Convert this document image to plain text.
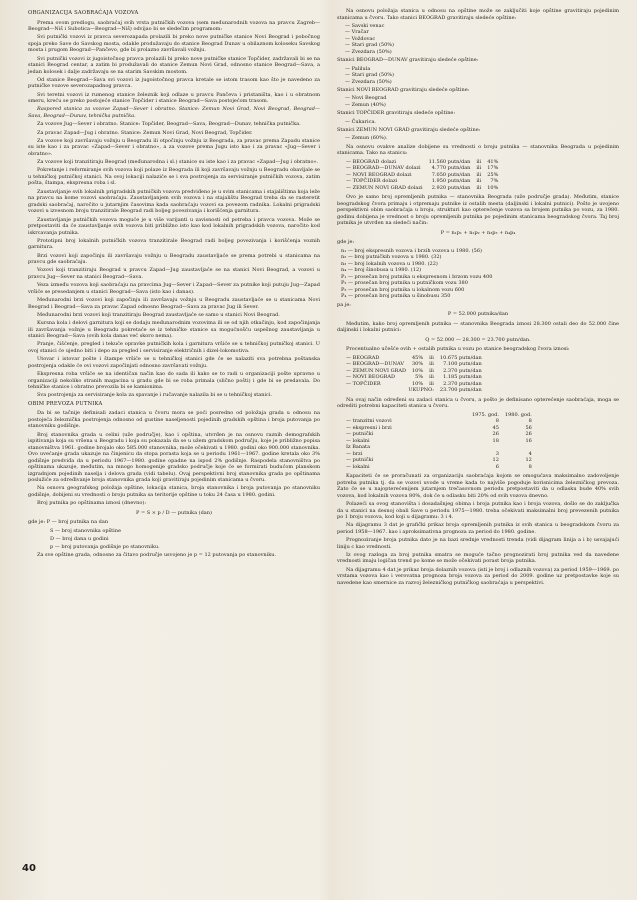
ORGANIZACIJA SAOBRAĆAJA VOZOVA

Prema ovom predlogu, saobraćaj svih vrsta putničkih vozova (sem međunarodnih vozova na pravcu Zagreb—Beograd—Niš i Subotica—Beograd—Niš) odvijao bi se sledećim programom:

Svi putnički vozovi iz pravca severozapada prolazili bi preko nove putničke stanice Novi Beograd i pobočnog spoja preko Save do Savskog mosta, odakle produžavaju do stanice Beograd Dunav u obilaznom koloseku Savskog mosta i prugom Beograd—Pančevo, gde bi prolazno završavali vožnju.

Svi putnički vozovi iz jugoistočnog pravca prolazili bi preko nove putničke stanice Topčider, zadržavali bi se na stanici Beograd centar, a zatim bi produžavali do stanice Zemun Novi Grad, odnosno stanice Beograd—Sava, a jedan kolosek i dalje zadržavaju se na starim Savskim mostom.

Od stanice Beograd—Sava svi vozovi iz jugoistočnog pravca kretale se istom trasom kao što je navedeno za putničke vozove severozapadnog pravca.

Svi teretni vozovi iz rumenog stanice železnik koji odlaze u pravcu Pančeva i pristaništa, kao i u obratnom smeru, kreću se preko postojeće stanice Topčider i stanice Beograd—Sava postojećom trasom.

Raspored stanica za vozove Zapad—Sever i obratno. Stanice: Zemun Novi Grad, Novi Beograd, Beograd—Sava, Beograd—Dunav, tehnička putnička.

Za vozove Jug—Sever i obratno. Stanice: Topčider, Beograd—Sava, Beograd—Dunav, tehnička putnička.

Za pravac Zapad—Jug i obratno. Stanice: Zemun Novi Grad, Novi Beograd, Topčider.

Za vozove koji završavaju vožnju u Beogradu ili otpočinju vožnju iz Beograda, za pravac prema Zapadu stanice su iste kao i za pravac «Zapad—Sever i obratno», a za vozove prema Jugu isto kao i za pravac «Jug—Sever i obratno».

Za vozove koji tranzitiraju Beograd (međunarodna i sl.) stanice su iste kao i za pravac «Zapad—Jug i obratno».

Pokretanje i reformiranje svih vozova koji polaze iz Beograda ili koji završavaju vožnju u Beogradu obavljale se u tehničkoj putničkoj stanici. Na ovoj lokaciji nalaziće se i sva postrojenja za servisiranje putničkih vozova, zatim pošta, štampa, ekspresna roba i sl.

Zaustavljanje svih lokalnih prigradskih putničkih vozova predviđeno je u svim stanicama i stajalištima koja leže na pravcu na kome vozovi saobraćaju. Zaustavljanjem svih vozova i na stajalištu Beograd treba da se rasteretit gradski saobraćaj, naročito u jutarnjim časovima kada saobraćaju vozovi sa povezom radnika. Lokalni prigradski vozovi u izvesnom broju tranzitirale Beograd radi boljeg povezivanja i korišćenja garnitura.

Zaustavljanje putničkih vozova moguće je u više varijanti u zavisnosti od potreba i pravca vozova. Može se pretpostaviti da će zaustavljanje svih vozova biti približno isto kao kod lokalnih prigradskih vozova, naročito kod iskrcavanja putnika.

Prototipni broj lokalnih putničkih vozova tranzitirale Beograd radi boljeg povezivanja i korišćenja voznih garnitura.

Brzi vozovi koji započinju ili završavaju vožnju u Beogradu zaustavljaće se prema potrebi u stanicama na pravcu gde saobraćaju.

Vozovi koji tranzitiraju Beograd u pravcu Zapad—Jug zaustavljaće se na stanici Novi Beograd, a vozovi u pravcu Jug—Sever na stanici Beograd—Sava.

Veza između vozova koji saobraćaju na pravcima Jug—Sever i Zapad—Sever za putnike koji putuju Jug—Zapad vršiće se presedanjem u stanici Beograd—Sava (isto kao i danas).

Međunarodni brzi vozovi koji započinju ili završavaju vožnju u Beogradu zaustavljaće se u stanicama Novi Beograd i Beograd—Sava za pravac Zapad odnosno Beograd—Sava za pravac Jug ili Sever.

Međunarodni brzi vozovi koji tranzitiraju Beograd zaustavljaće se samo u stanici Novi Beograd.

Kursna kola i delovi garnitura koji se dodaju međunarodnim vozovima ili se od njih otkačinju, kod započinjanja ili završavanja vožnje u Beogradu pokretaće se iz tehničke stanice sa mogućnošću uspešnog zaustavljanja u stanici Beograd—Sava (ovih kola danas već skoro nema).

Pranje, čišćenje, pregled i tekuće opravke putničkih kola i garnitura vršiće se u tehničkoj putničkoj stanici. U ovoj stanici će ujedno biti i depo za pregled i servisiranje električnih i dizel-lokomotiva.

Utovar i istovar pošte i štampe vršiće se u tehničkoj stanici gde će se nalaziti sva potrebna poštanska postrojenja odakle će ovi vozovi započinjati odnosno završavati vožnju.

Ekspresna roba vršiće se na identičan način kao do sada ili kako se to radi u organizaciji pošte upravno u organizaciji nekoliko stranih magacina u gradu gde bi se roba primala (slično pošti) i gde bi se predavala. Do tehničke stanice i obratno prevozila bi se kamionima.

Sva postrojenja za servisiranje kola za spavanje i ručavanje nalazila bi se u tehničkoj stanici.

OBIM PREVOZA PUTNIKA

Da bi se tačnije definisali zadaci stanica u čvoru mora se poći posredno od položaja grada u odnosu na postojeća železnička postrojenja odnosno od gustine naseljenosti pojedinih gradskih opština i broja putovanja po stanovniku godišnje.

Broj stanovnika grada u celini (uže područje), kao i opština, utvrđen je na osnovu raznih demografskih ispitivanja koja su vršena u Beogradu i koja su pokazala da se u užem gradskom području, koje je približno popisa stanovništva 1961. godine brojalo oko 585.000 stanovnika, može očekivati u 1980. godini oko 900.000 stanovnika. Ovo uvećanje grada ukazuje na činjenicu da stopa porasta koja se u periodu 1961—1967. godine kretala oko 3% godišnje predviđa da u periodu 1967—1980. godine opadne na ispod 2% godišnje. Raspodela stanovništva po opštinama ukazuje, međutim, na mnogo homogenije gradsko područje koje će se formirati budućom planskom izgradnjom pojedinih naselja i delova grada (vidi tabelu). Ovaj perspektivni broj stanovnika grada po opštinama poslužiće za određivanje broja stanovnika grada koji gravitiraju pojedinim stanicama u čvoru.

Na osnovu geografskog položaja opštine, lokacija stanica, broja stanovnika i broja putovanja po stanovniku godišnje, dobijeni su vrednosti o broju putnika sa teritorije opštine u toku 24 časa u 1980. godini.

Broj putnika po opštinama iznosi (dnevno):

P = S × p / D — putnika (dan)

gde je: P — broj putnika na dan

S — broj stanovnika opštine

D — broj dana u godini

p — broj putovanja godišnje po stanovniku.

Za sve opštine grada, odnosno za čitavo područje usvojeno je p = 12 putovanja po stanovniku.

Na osnovu položaja stanica u odnosu na opštine može se zaključiti koje opštine gravitiraju pojedinim stanicama u čvoru. Tako stanici BEOGRAD gravitiraju sledeće opštine:

— Savski venac
— Vračar
— Voždovac
— Stari grad (50%)
— Zvezdara (50%)

Stanici BEOGRAD—DUNAV gravitiraju sledeće opštine:

— Palilula
— Stari grad (50%)
— Zvezdara (50%)

Stanici NOVI BEOGRAD gravitiraju sledeće opštine:

— Novi Beograd
— Zemun (40%)

Stanici TOPČIDER gravitiraju sledeće opštine:

— Čukarica.

Stanici ZEMUN NOVI GRAD gravitiraju sledeće opštine:

— Zemun (60%).

Na osnovu ovakve analize dobijene su vrednosti o broju putnika — stanovnika Beograda u pojedinim stanicama. Tako na stanicu:

— BEOGRAD dolazi	11.560 putn/dan	ili	41%
— BEOGRAD—DUNAV dolazi	4.770 putn/dan	ili	17%
— NOVI BEOGRAD dolazi	7.050 putn/dan	ili	25%
— TOPČIDER dolazi	1.950 putn/dan	ili	7%
— ZEMUN NOVI GRAD dolazi	2.920 putn/dan	ili	10%

Ovo je samo broj opremljenih putnika — stanovnika Beograda (uže područje grada). Međutim, stanice beogradskog čvora primaju i otpremaju putnike iz ostalih mesta (daljinski i lokalni putnici). Pošto je uvojeno perspektivni obim saobraćaja u broju, strukturi kao opterećenje vozova sa brojem putnika po vozu, za 1980. godinu dobijena je vrednost o broju opremljenih putnika po pojedinim stanicama beogradskog čvora. Taj broj putnika je utvrđen na sledeći način:

P = n₁p₁ + n₂p₂ + n₃p₃ + n₄p₄

gde je:

n₁ — broj ekspresnih vozova i brzih vozova u 1980. (56)
n₂ — broj putničkih vozova u 1980. (32)
n₃ — broj lokalnih vozova u 1980. (22)
n₄ — broj šinobusa u 1980. (12)
P₁ — prosečan broj putnika u ekspresnom i brzom vozu 400
P₂ — prosečan broj putnika u putničkom vozu 380
P₃ — prosečan broj putnika u lokalnom vozu 600
P₄ — prosečan broj putnika u šinobusu 350

pa je:

P = 52.000 putnika/dan

Međutim, kako broj opremljenih putnika — stanovnika Beograda iznosi 28.300 ostali deo do 52.000 čine daljinski i lokalni putnici:

Q = 52.000 — 28.300 = 23.700 putn/dan.

Procentualno učešće ovih + ostalih putnika u vozu po stanice beogradskog čvora iznosi:

— BEOGRAD	45%	ili	10.675 putn/dan
— BEOGRAD—DUNAV	30%	ili	7.100 putn/dan
— ZEMUN NOVI GRAD	10%	ili	2.370 putn/dan
— NOVI BEOGRAD	5%	ili	1.185 putn/dan
— TOPČIDER	10%	ili	2.370 putn/dan
UKUPNO:			23.700 putn/dan

Na ovaj način određeni su zadaci stanica u čvoru, a pošto je definisano opterećenje saobraćaja, moga se odrediti potrebni kapaciteti stanica u čvoru.

	1975. god.	1980. god.
— tranzitni vozovi	8	8
— ekspresni i brzi	45	56
— putnički	26	26
— lokalni	18	16
Iz Banata		
— brzi	3	4
— putnički	12	12
— lokalni	6	8

Kapaciteti će se proračunati za organizaciju saobraćaja kojom se omogućava maksimalno zadovoljenje potreba putnika tj. da se vozovi uvode u vreme kada to najviše pogoduje korisnicima železničkog prevoza. Zato će se u najopterećenijem jutarnjem trečasovnom periodu pretpostaviti da u odlasku bude 40% svih vozova, kod lokalnih vozova 80%, dok će u odlasku biti 20% od svih vozova dnevno.

Polazeći sa ovog stanovišta i dosadašnjeg obima i broja putnika kao i broja vozova, došlo se do zaključka da u stanici na desnoj obali Save u periodu 1975—1980. treba očekivati maksimalni broj prevezenih putnika po 1 broju vozova, kod koji u dijagramu: 3 i 4.

Na dijagramu 3 dat je grafički prikaz broja opremljenih putnika iz svih stanica u beogradskom čvoru za period 1958—1967. kao i aproksimativna prognoza za period do 1980. godine.

Prognoziranje broja putnika dato je na bazi srednje vrednosti trenda (vidi dijagram linija a i b) usvajajući liniju c kao vrednosti.

Iz ovog razloga za broj putnika smatra se moguće tačno prognozirati broj putnika ved da navedene vrednosti imaju logičan trend po kome se može očekivati porast broja putnika.

Na dijagramu 4 dat je prikaz broja dolaznih vozova (isti je broj i odlaznih vozova) za period 1959—1969. po vrstama vozova kao i verovatna prognoza broja vozova za period do 2009. godine uz pretpostavke koje su navedene kao smernice za razvoj železničkog putničkog saobraćaja u perspektivi.

40
